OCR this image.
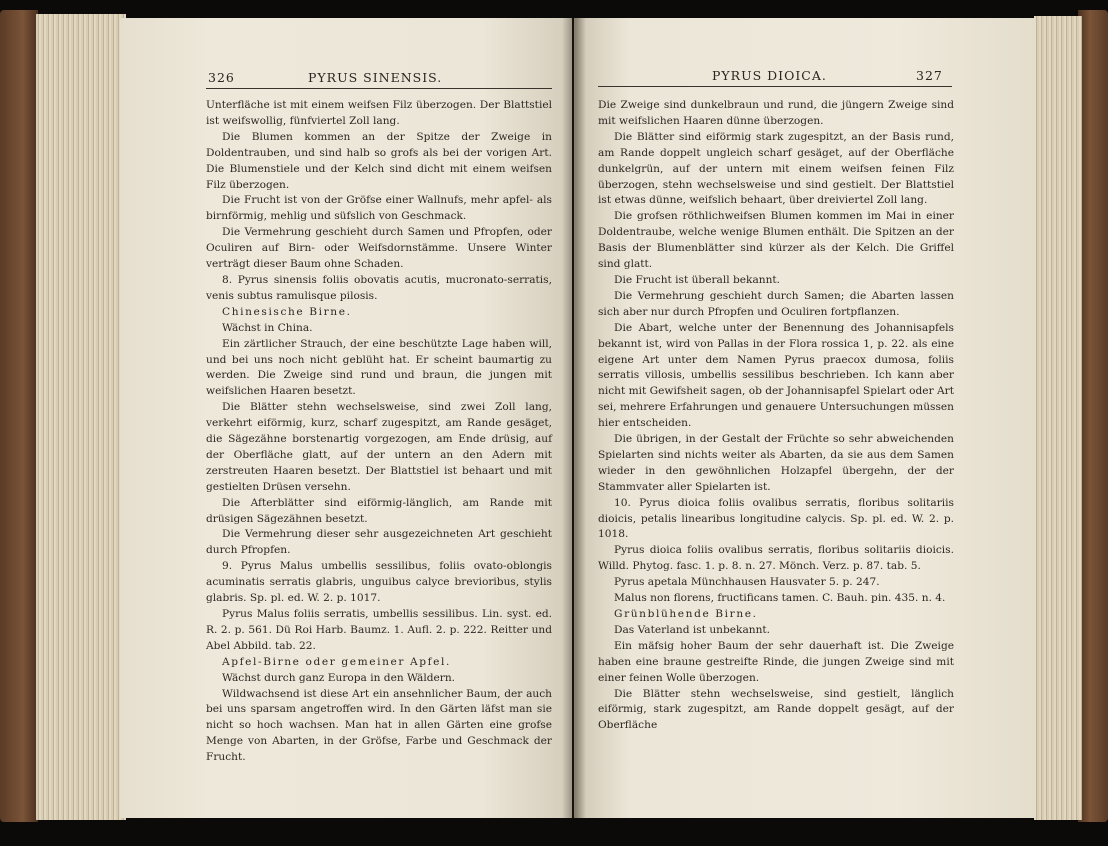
326	PYRUS SINENSIS.

Unterfläche ist mit einem weifsen Filz überzogen. Der Blattstiel ist weifswollig, fünfviertel Zoll lang.

Die Blumen kommen an der Spitze der Zweige in Doldentrauben, und sind halb so grofs als bei der vorigen Art. Die Blumenstiele und der Kelch sind dicht mit einem weifsen Filz überzogen.

Die Frucht ist von der Gröfse einer Wallnufs, mehr apfel- als birnförmig, mehlig und süfslich von Geschmack.

Die Vermehrung geschieht durch Samen und Pfropfen, oder Oculiren auf Birn- oder Weifsdornstämme. Unsere Winter verträgt dieser Baum ohne Schaden.

8. Pyrus sinensis foliis obovatis acutis, mucronato-serratis, venis subtus ramulisque pilosis.

Chinesische Birne.

Wächst in China.

Ein zärtlicher Strauch, der eine beschützte Lage haben will, und bei uns noch nicht geblüht hat. Er scheint baumartig zu werden. Die Zweige sind rund und braun, die jungen mit weifslichen Haaren besetzt.

Die Blätter stehn wechselsweise, sind zwei Zoll lang, verkehrt eiförmig, kurz, scharf zugespitzt, am Rande gesäget, die Sägezähne borstenartig vorgezogen, am Ende drüsig, auf der Oberfläche glatt, auf der untern an den Adern mit zerstreuten Haaren besetzt. Der Blattstiel ist behaart und mit gestielten Drüsen versehn.

Die Afterblätter sind eiförmig-länglich, am Rande mit drüsigen Sägezähnen besetzt.

Die Vermehrung dieser sehr ausgezeichneten Art geschieht durch Pfropfen.

9. Pyrus Malus umbellis sessilibus, foliis ovato-oblongis acuminatis serratis glabris, unguibus calyce brevioribus, stylis glabris. Sp. pl. ed. W. 2. p. 1017.

Pyrus Malus foliis serratis, umbellis sessilibus. Lin. syst. ed. R. 2. p. 561. Dü Roi Harb. Baumz. 1. Aufl. 2. p. 222. Reitter und Abel Abbild. tab. 22.

Apfel-Birne oder gemeiner Apfel.

Wächst durch ganz Europa in den Wäldern.

Wildwachsend ist diese Art ein ansehnlicher Baum, der auch bei uns sparsam angetroffen wird. In den Gärten läfst man sie nicht so hoch wachsen. Man hat in allen Gärten eine grofse Menge von Abarten, in der Gröfse, Farbe und Geschmack der Frucht.

PYRUS DIOICA.	327

Die Zweige sind dunkelbraun und rund, die jüngern Zweige sind mit weifslichen Haaren dünne überzogen.

Die Blätter sind eiförmig stark zugespitzt, an der Basis rund, am Rande doppelt ungleich scharf gesäget, auf der Oberfläche dunkelgrün, auf der untern mit einem weifsen feinen Filz überzogen, stehn wechselsweise und sind gestielt. Der Blattstiel ist etwas dünne, weifslich behaart, über dreiviertel Zoll lang.

Die grofsen röthlichweifsen Blumen kommen im Mai in einer Doldentraube, welche wenige Blumen enthält. Die Spitzen an der Basis der Blumenblätter sind kürzer als der Kelch. Die Griffel sind glatt.

Die Frucht ist überall bekannt.

Die Vermehrung geschieht durch Samen; die Abarten lassen sich aber nur durch Pfropfen und Oculiren fortpflanzen.

Die Abart, welche unter der Benennung des Johannisapfels bekannt ist, wird von Pallas in der Flora rossica 1, p. 22. als eine eigene Art unter dem Namen Pyrus praecox dumosa, foliis serratis villosis, umbellis sessilibus beschrieben. Ich kann aber nicht mit Gewifsheit sagen, ob der Johannisapfel Spielart oder Art sei, mehrere Erfahrungen und genauere Untersuchungen müssen hier entscheiden.

Die übrigen, in der Gestalt der Früchte so sehr abweichenden Spielarten sind nichts weiter als Abarten, da sie aus dem Samen wieder in den gewöhnlichen Holzapfel übergehn, der der Stammvater aller Spielarten ist.

10. Pyrus dioica foliis ovalibus serratis, floribus solitariis dioicis, petalis linearibus longitudine calycis. Sp. pl. ed. W. 2. p. 1018.

Pyrus dioica foliis ovalibus serratis, floribus solitariis dioicis. Willd. Phytog. fasc. 1. p. 8. n. 27. Mönch. Verz. p. 87. tab. 5.

Pyrus apetala Münchhausen Hausvater 5. p. 247.

Malus non florens, fructificans tamen. C. Bauh. pin. 435. n. 4.

Grünblühende Birne.

Das Vaterland ist unbekannt.

Ein mäfsig hoher Baum der sehr dauerhaft ist. Die Zweige haben eine braune gestreifte Rinde, die jungen Zweige sind mit einer feinen Wolle überzogen.

Die Blätter stehn wechselsweise, sind gestielt, länglich eiförmig, stark zugespitzt, am Rande doppelt gesägt, auf der Oberfläche
